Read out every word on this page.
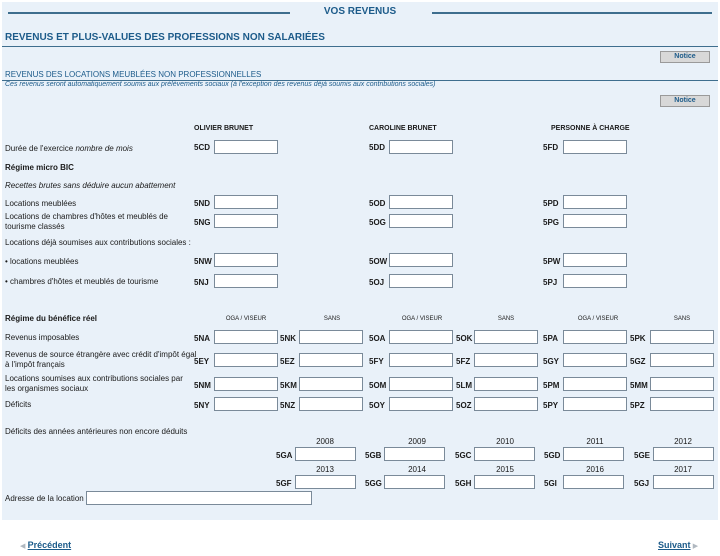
VOS REVENUS
REVENUS ET PLUS-VALUES DES PROFESSIONS NON SALARIÉES
Notice
REVENUS DES LOCATIONS MEUBLÉES NON PROFESSIONNELLES
Ces revenus seront automatiquement soumis aux prélèvements sociaux (à l'exception des revenus déjà soumis aux contributions sociales)
Notice
OLIVIER BRUNET	CAROLINE BRUNET	PERSONNE À CHARGE
Durée de l'exercice nombre de mois	5CD	5DD	5FD
Régime micro BIC
Recettes brutes sans déduire aucun abattement
Locations meublées	5ND	5OD	5PD
Locations de chambres d'hôtes et meublés de
tourisme classés	5NG	5OG	5PG
Locations déjà soumises aux contributions sociales :
• locations meublées	5NW	5OW	5PW
• chambres d'hôtes et meublés de tourisme	5NJ	5OJ	5PJ
Régime du bénéfice réel	OGA / VISEUR	SANS	OGA / VISEUR	SANS	OGA / VISEUR	SANS
Revenus imposables	5NA	5NK	5OA	5OK	5PA	5PK
Revenus de source étrangère avec crédit d'impôt égal
à l'impôt français	5EY	5EZ	5FY	5FZ	5GY	5GZ
Locations soumises aux contributions sociales par
les organismes sociaux	5NM	5KM	5OM	5LM	5PM	5MM
Déficits	5NY	5NZ	5OY	5OZ	5PY	5PZ
Déficits des années antérieures non encore déduits
2008	2009	2010	2011	2012
5GA	5GB	5GC	5GD	5GE
2013	2014	2015	2016	2017
5GF	5GG	5GH	5GI	5GJ
Adresse de la location
◀ Précédent	Suivant ▶
